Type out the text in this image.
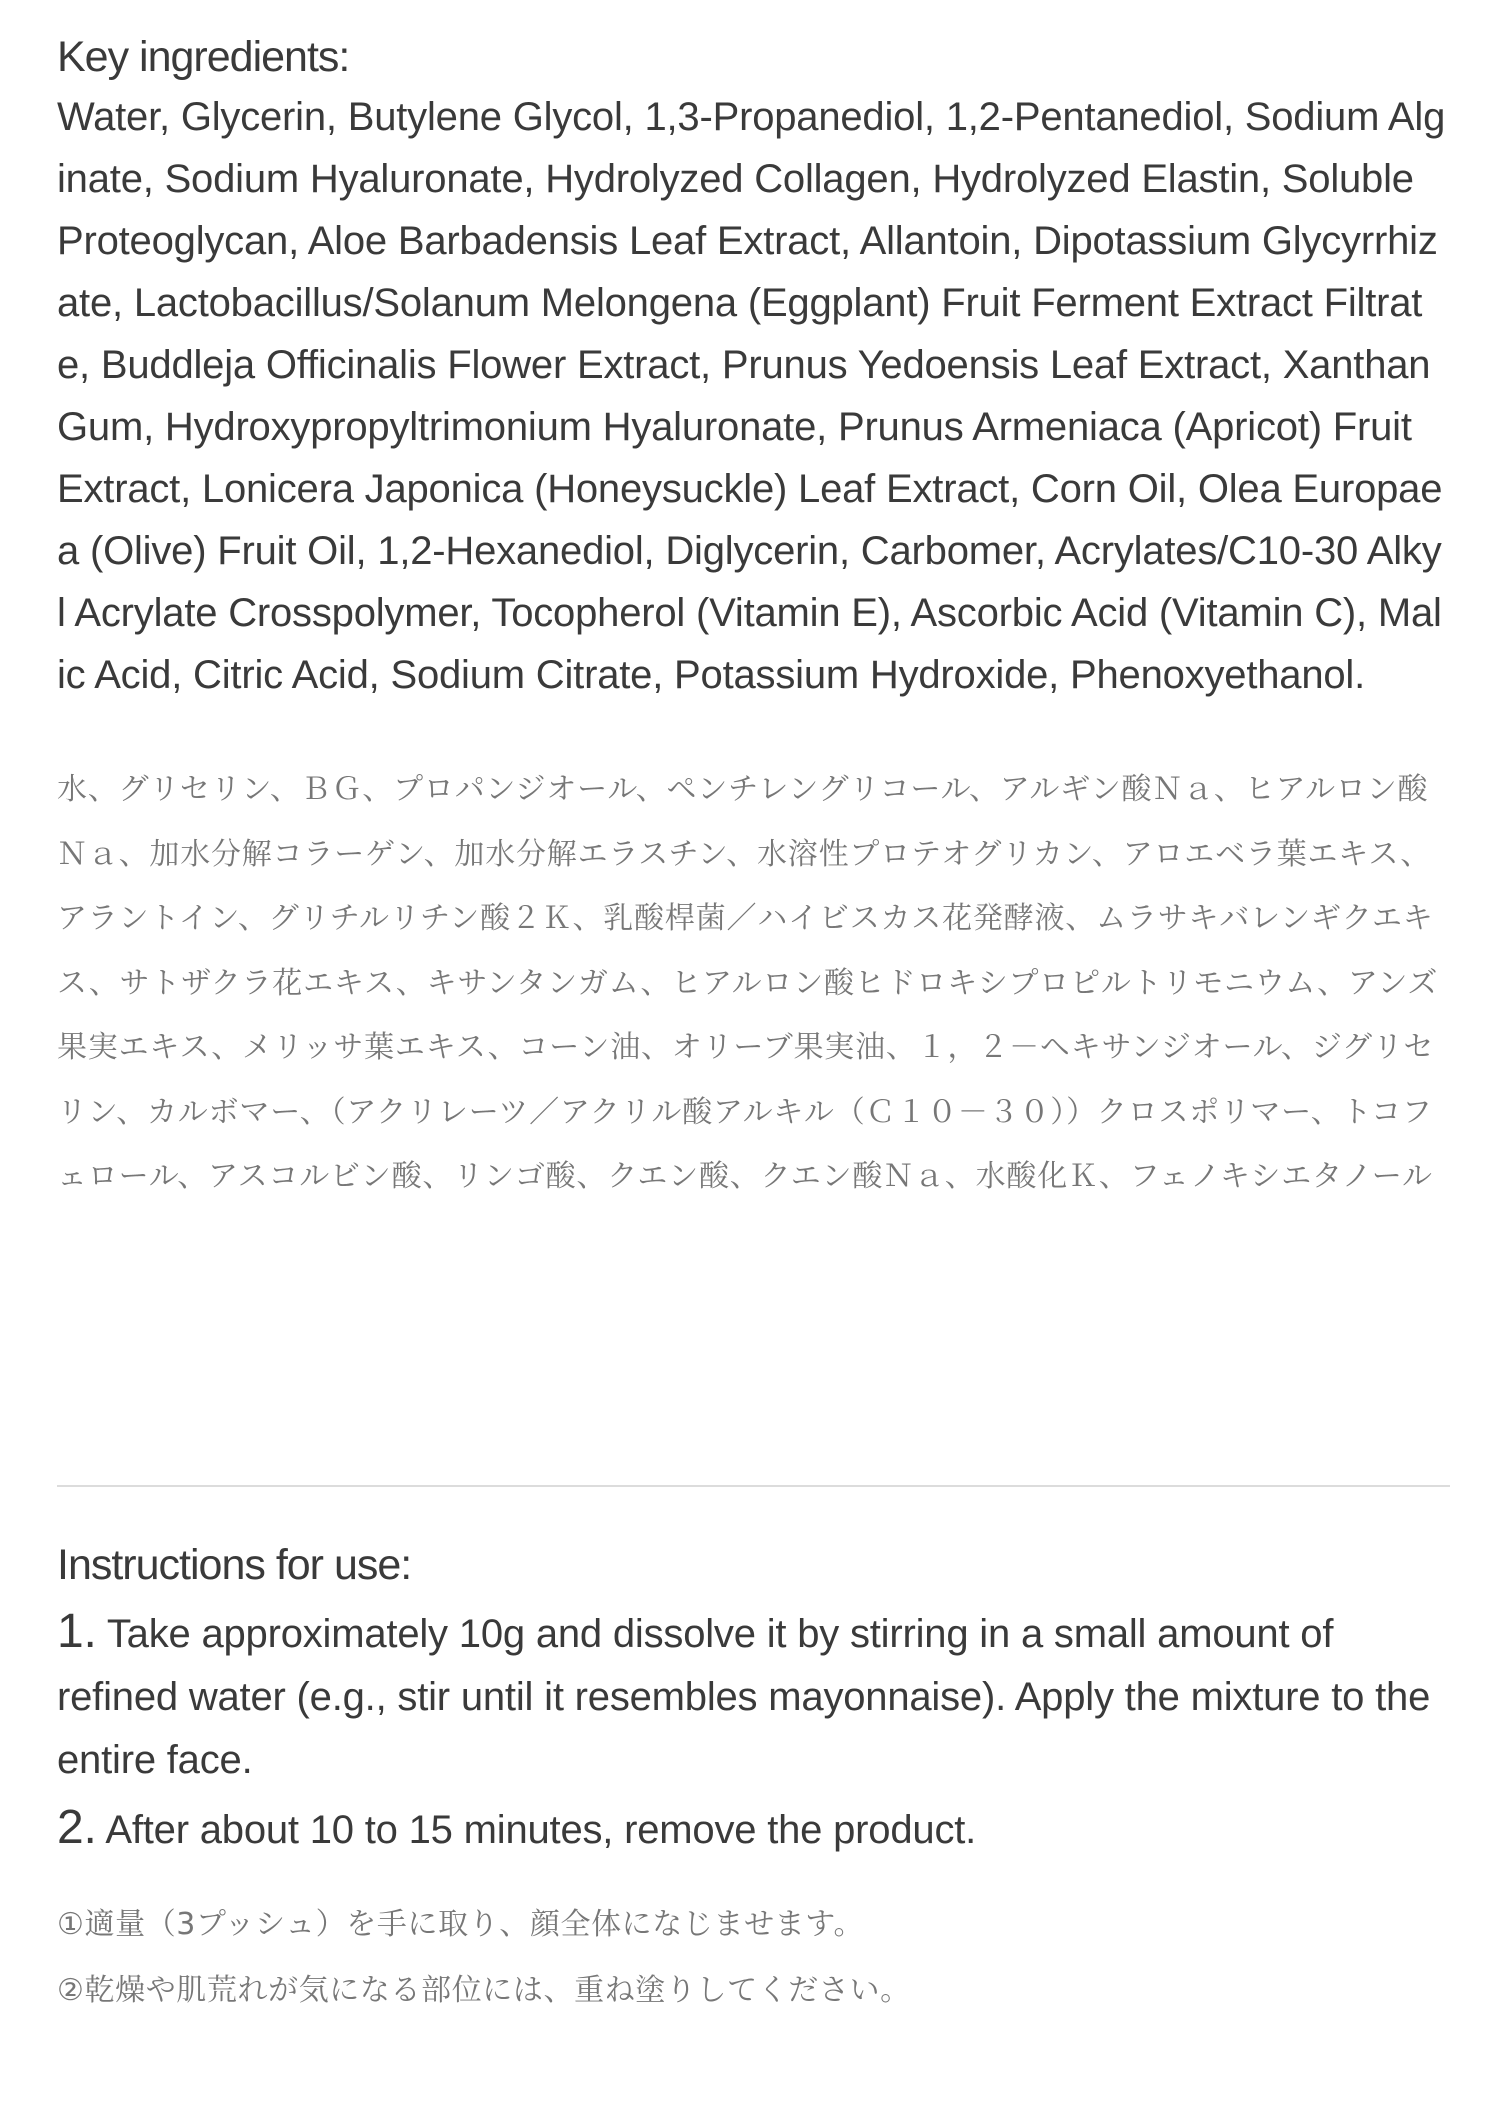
Key ingredients:

Water, Glycerin, Butylene Glycol, 1,3-Propanediol, 1,2-Pentanediol, Sodium Alginate, Sodium Hyaluronate, Hydrolyzed Collagen, Hydrolyzed Elastin, Soluble Proteoglycan, Aloe Barbadensis Leaf Extract, Allantoin, Dipotassium Glycyrrhizate, Lactobacillus/Solanum Melongena (Eggplant) Fruit Ferment Extract Filtrate, Buddleja Officinalis Flower Extract, Prunus Yedoensis Leaf Extract, Xanthan Gum, Hydroxypropyltrimonium Hyaluronate, Prunus Armeniaca (Apricot) Fruit Extract, Lonicera Japonica (Honeysuckle) Leaf Extract, Corn Oil, Olea Europaea (Olive) Fruit Oil, 1,2-Hexanediol, Diglycerin, Carbomer, Acrylates/C10-30 Alkyl Acrylate Crosspolymer, Tocopherol (Vitamin E), Ascorbic Acid (Vitamin C), Malic Acid, Citric Acid, Sodium Citrate, Potassium Hydroxide, Phenoxyethanol.

水、グリセリン、ＢＧ、プロパンジオール、ペンチレングリコール、アルギン酸Ｎａ、ヒアルロン酸Ｎａ、加水分解コラーゲン、加水分解エラスチン、水溶性プロテオグリカン、アロエベラ葉エキス、アラントイン、グリチルリチン酸２Ｋ、乳酸桿菌／ハイビスカス花発酵液、ムラサキバレンギクエキス、サトザクラ花エキス、キサンタンガム、ヒアルロン酸ヒドロキシプロピルトリモニウム、アンズ果実エキス、メリッサ葉エキス、コーン油、オリーブ果実油、１，２－ヘキサンジオール、ジグリセリン、カルボマー、（アクリレーツ／アクリル酸アルキル（Ｃ１０－３０））クロスポリマー、トコフェロール、アスコルビン酸、リンゴ酸、クエン酸、クエン酸Ｎａ、水酸化Ｋ、フェノキシエタノール

Instructions for use:

1. Take approximately 10g and dissolve it by stirring in a small amount of refined water (e.g., stir until it resembles mayonnaise). Apply the mixture to the entire face.

2. After about 10 to 15 minutes, remove the product.

①適量（3プッシュ）を手に取り、顔全体になじませます。

②乾燥や肌荒れが気になる部位には、重ね塗りしてください。
